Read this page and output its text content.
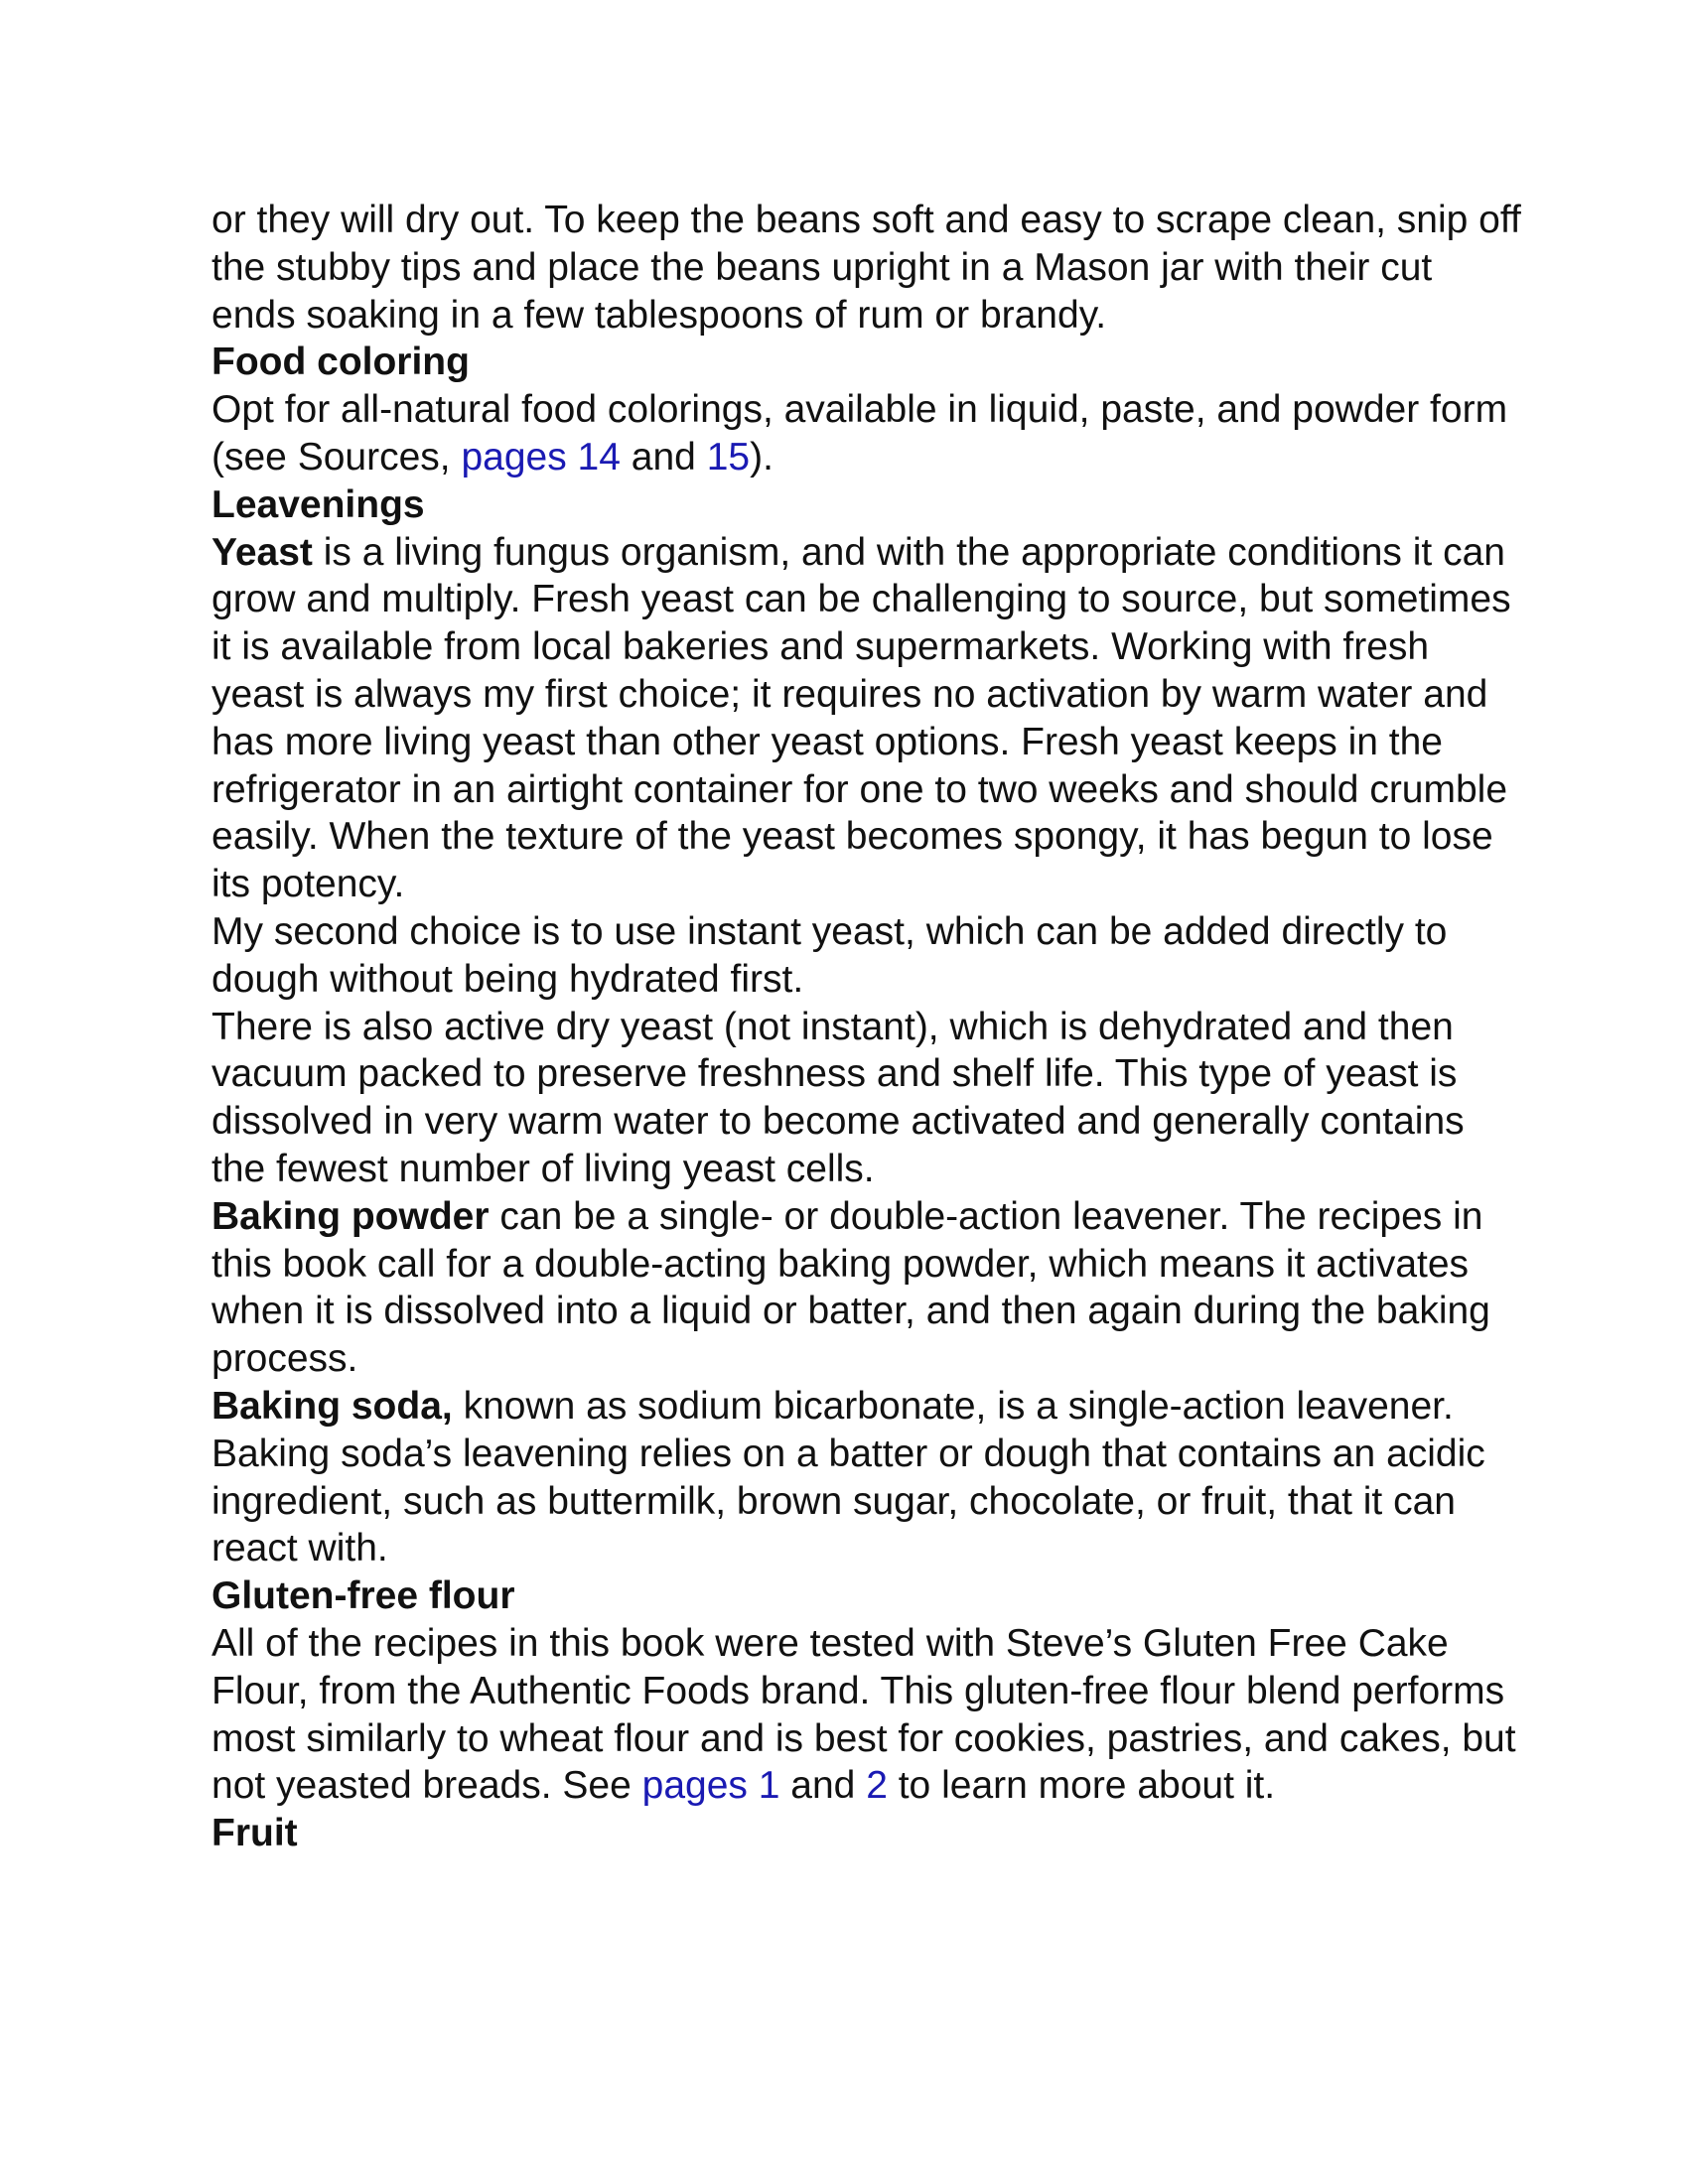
or they will dry out. To keep the beans soft and easy to scrape clean, snip off the stubby tips and place the beans upright in a Mason jar with their cut ends soaking in a few tablespoons of rum or brandy.

Food coloring

Opt for all-natural food colorings, available in liquid, paste, and powder form (see Sources, pages 14 and 15).

Leavenings

Yeast is a living fungus organism, and with the appropriate conditions it can grow and multiply. Fresh yeast can be challenging to source, but sometimes it is available from local bakeries and supermarkets. Working with fresh yeast is always my first choice; it requires no activation by warm water and has more living yeast than other yeast options. Fresh yeast keeps in the refrigerator in an airtight container for one to two weeks and should crumble easily. When the texture of the yeast becomes spongy, it has begun to lose its potency.

My second choice is to use instant yeast, which can be added directly to dough without being hydrated first.

There is also active dry yeast (not instant), which is dehydrated and then vacuum packed to preserve freshness and shelf life. This type of yeast is dissolved in very warm water to become activated and generally contains the fewest number of living yeast cells.

Baking powder can be a single- or double-action leavener. The recipes in this book call for a double-acting baking powder, which means it activates when it is dissolved into a liquid or batter, and then again during the baking process.

Baking soda, known as sodium bicarbonate, is a single-action leavener. Baking soda’s leavening relies on a batter or dough that contains an acidic ingredient, such as buttermilk, brown sugar, chocolate, or fruit, that it can react with.

Gluten-free flour

All of the recipes in this book were tested with Steve’s Gluten Free Cake Flour, from the Authentic Foods brand. This gluten-free flour blend performs most similarly to wheat flour and is best for cookies, pastries, and cakes, but not yeasted breads. See pages 1 and 2 to learn more about it.

Fruit
